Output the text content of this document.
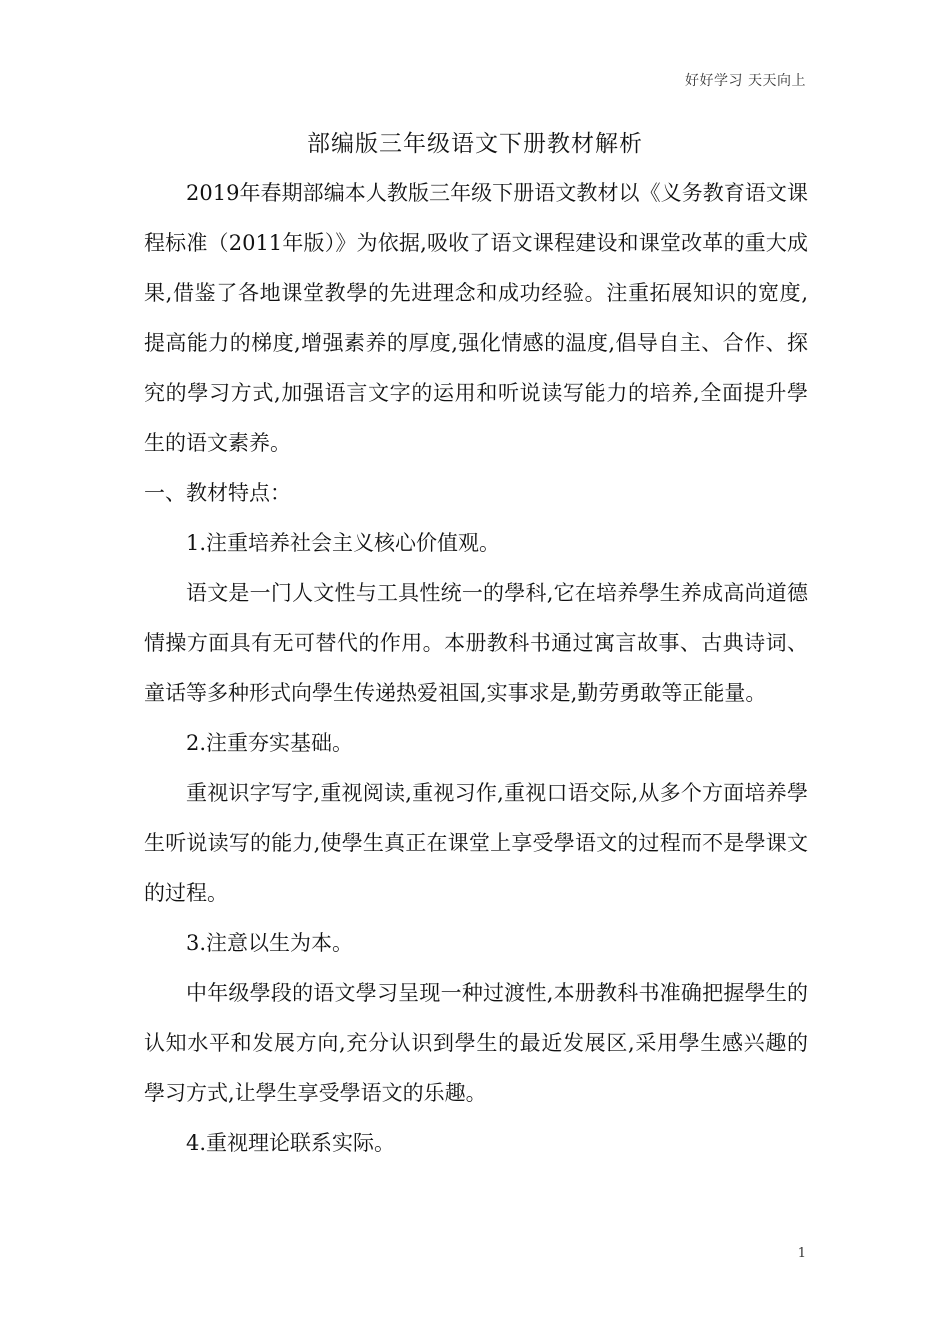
好好学习 天天向上
部编版三年级语文下册教材解析

2019年春期部编本人教版三年级下册语文教材以《义务教育语文课程标准（2011年版）》为依据,吸收了语文课程建设和课堂改革的重大成果,借鉴了各地课堂教學的先进理念和成功经验。注重拓展知识的宽度,提高能力的梯度,增强素养的厚度,强化情感的温度,倡导自主、合作、探究的學习方式,加强语言文字的运用和听说读写能力的培养,全面提升學生的语文素养。

一、教材特点：

1.注重培养社会主义核心价值观。

语文是一门人文性与工具性统一的學科,它在培养學生养成高尚道德情操方面具有无可替代的作用。本册教科书通过寓言故事、古典诗词、童话等多种形式向學生传递热爱祖国,实事求是,勤劳勇敢等正能量。

2.注重夯实基础。

重视识字写字,重视阅读,重视习作,重视口语交际,从多个方面培养學生听说读写的能力,使學生真正在课堂上享受學语文的过程而不是學课文的过程。

3.注意以生为本。

中年级學段的语文學习呈现一种过渡性,本册教科书准确把握學生的认知水平和发展方向,充分认识到學生的最近发展区,采用學生感兴趣的學习方式,让學生享受學语文的乐趣。

4.重视理论联系实际。

1
